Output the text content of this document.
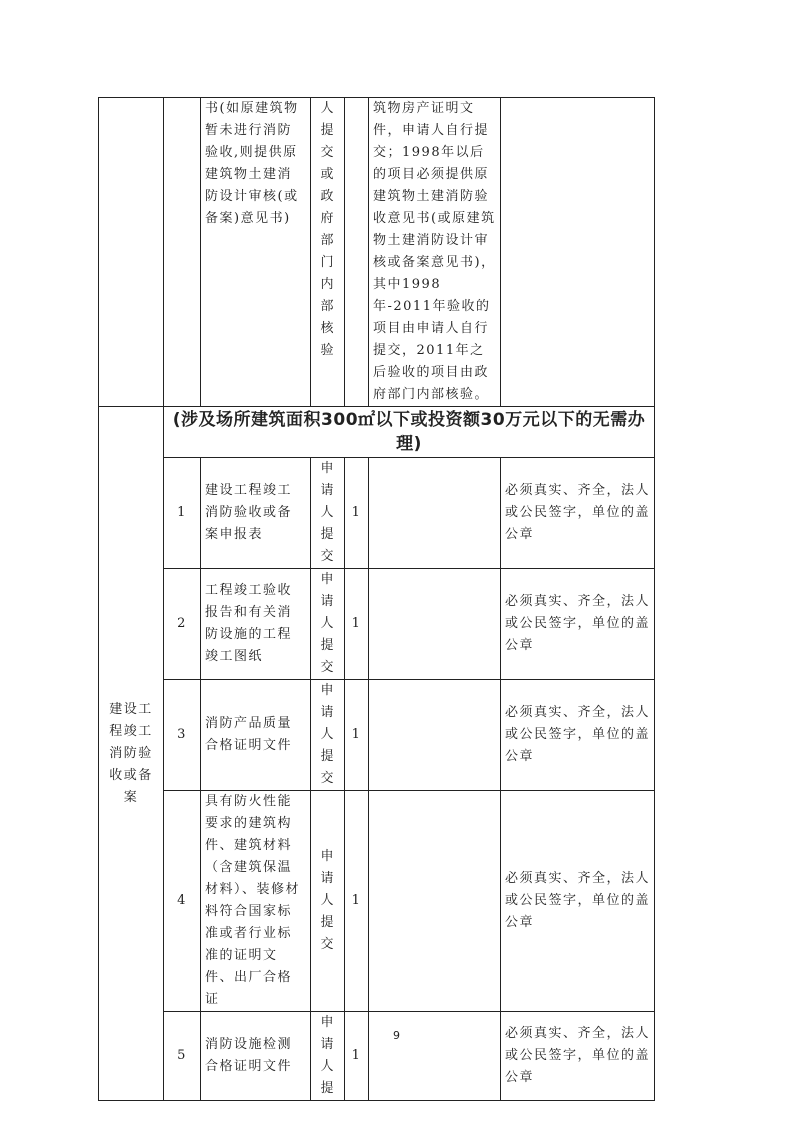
		书(如原建筑物暂未进行消防验收,则提供原建筑物土建消防设计审核(或备案)意见书)	人提交或政府部门内部核验		筑物房产证明文件，申请人自行提交；1998年以后的项目必须提供原建筑物土建消防验收意见书(或原建筑物土建消防设计审核或备案意见书)，其中1998年-2011年验收的项目由申请人自行提交，2011年之后验收的项目由政府部门内部核验。	
建设工程竣工消防验收或备案	(涉及场所建筑面积300㎡以下或投资额30万元以下的无需办理)					
	1	建设工程竣工消防验收或备案申报表	申请人提交	1		必须真实、齐全，法人或公民签字，单位的盖公章
	2	工程竣工验收报告和有关消防设施的工程竣工图纸	申请人提交	1		必须真实、齐全，法人或公民签字，单位的盖公章
	3	消防产品质量合格证明文件	申请人提交	1		必须真实、齐全，法人或公民签字，单位的盖公章
	4	具有防火性能要求的建筑构件、建筑材料（含建筑保温材料）、装修材料符合国家标准或者行业标准的证明文件、出厂合格证	申请人提交	1		必须真实、齐全，法人或公民签字，单位的盖公章
	5	消防设施检测合格证明文件	申请人提	1		必须真实、齐全，法人或公民签字，单位的盖公章
9
